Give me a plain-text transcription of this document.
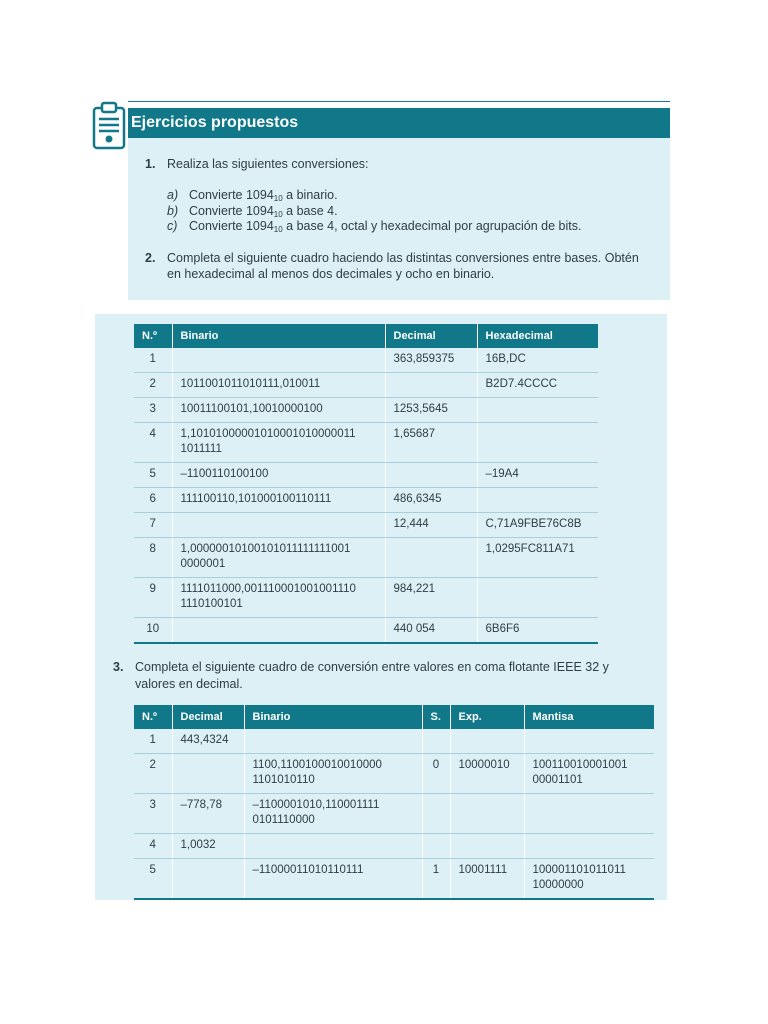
Ejercicios propuestos
1. Realiza las siguientes conversiones:
a) Convierte $1094_{10}$ a binario.
b) Convierte $1094_{10}$ a base 4.
c) Convierte $1094_{10}$ a base 4, octal y hexadecimal por agrupación de bits.
2. Completa el siguiente cuadro haciendo las distintas conversiones entre bases. Obtén
en hexadecimal al menos dos decimales y ocho en binario.
N.º	Binario	Decimal	Hexadecimal
1		363,859375	16B,DC
2	1011001011010111,010011		B2D7.4CCCC
3	10011100101,10010000100	1253,5645	
4	1,10101000001010001010000011
1011111	1,65687	
5	–1100110100100		–19A4
6	111100110,101000100110111	486,6345	
7		12,444	C,71A9FBE76C8B
8	1,00000010100101011111111001
0000001		1,0295FC811A71
9	1111011000,001110001001001110
1110100101	984,221	
10		440 054	6B6F6
3. Completa el siguiente cuadro de conversión entre valores en coma flotante IEEE 32 y
valores en decimal.
N.º	Decimal	Binario	S.	Exp.	Mantisa
1	443,4324				
2		1100,1100100010010000
1101010110	0	10000010	100110010001001
00001101
3	–778,78	–1100001010,110001111
0101110000			
4	1,0032				
5		–11000011010110111	1	10001111	100001101011011
10000000
